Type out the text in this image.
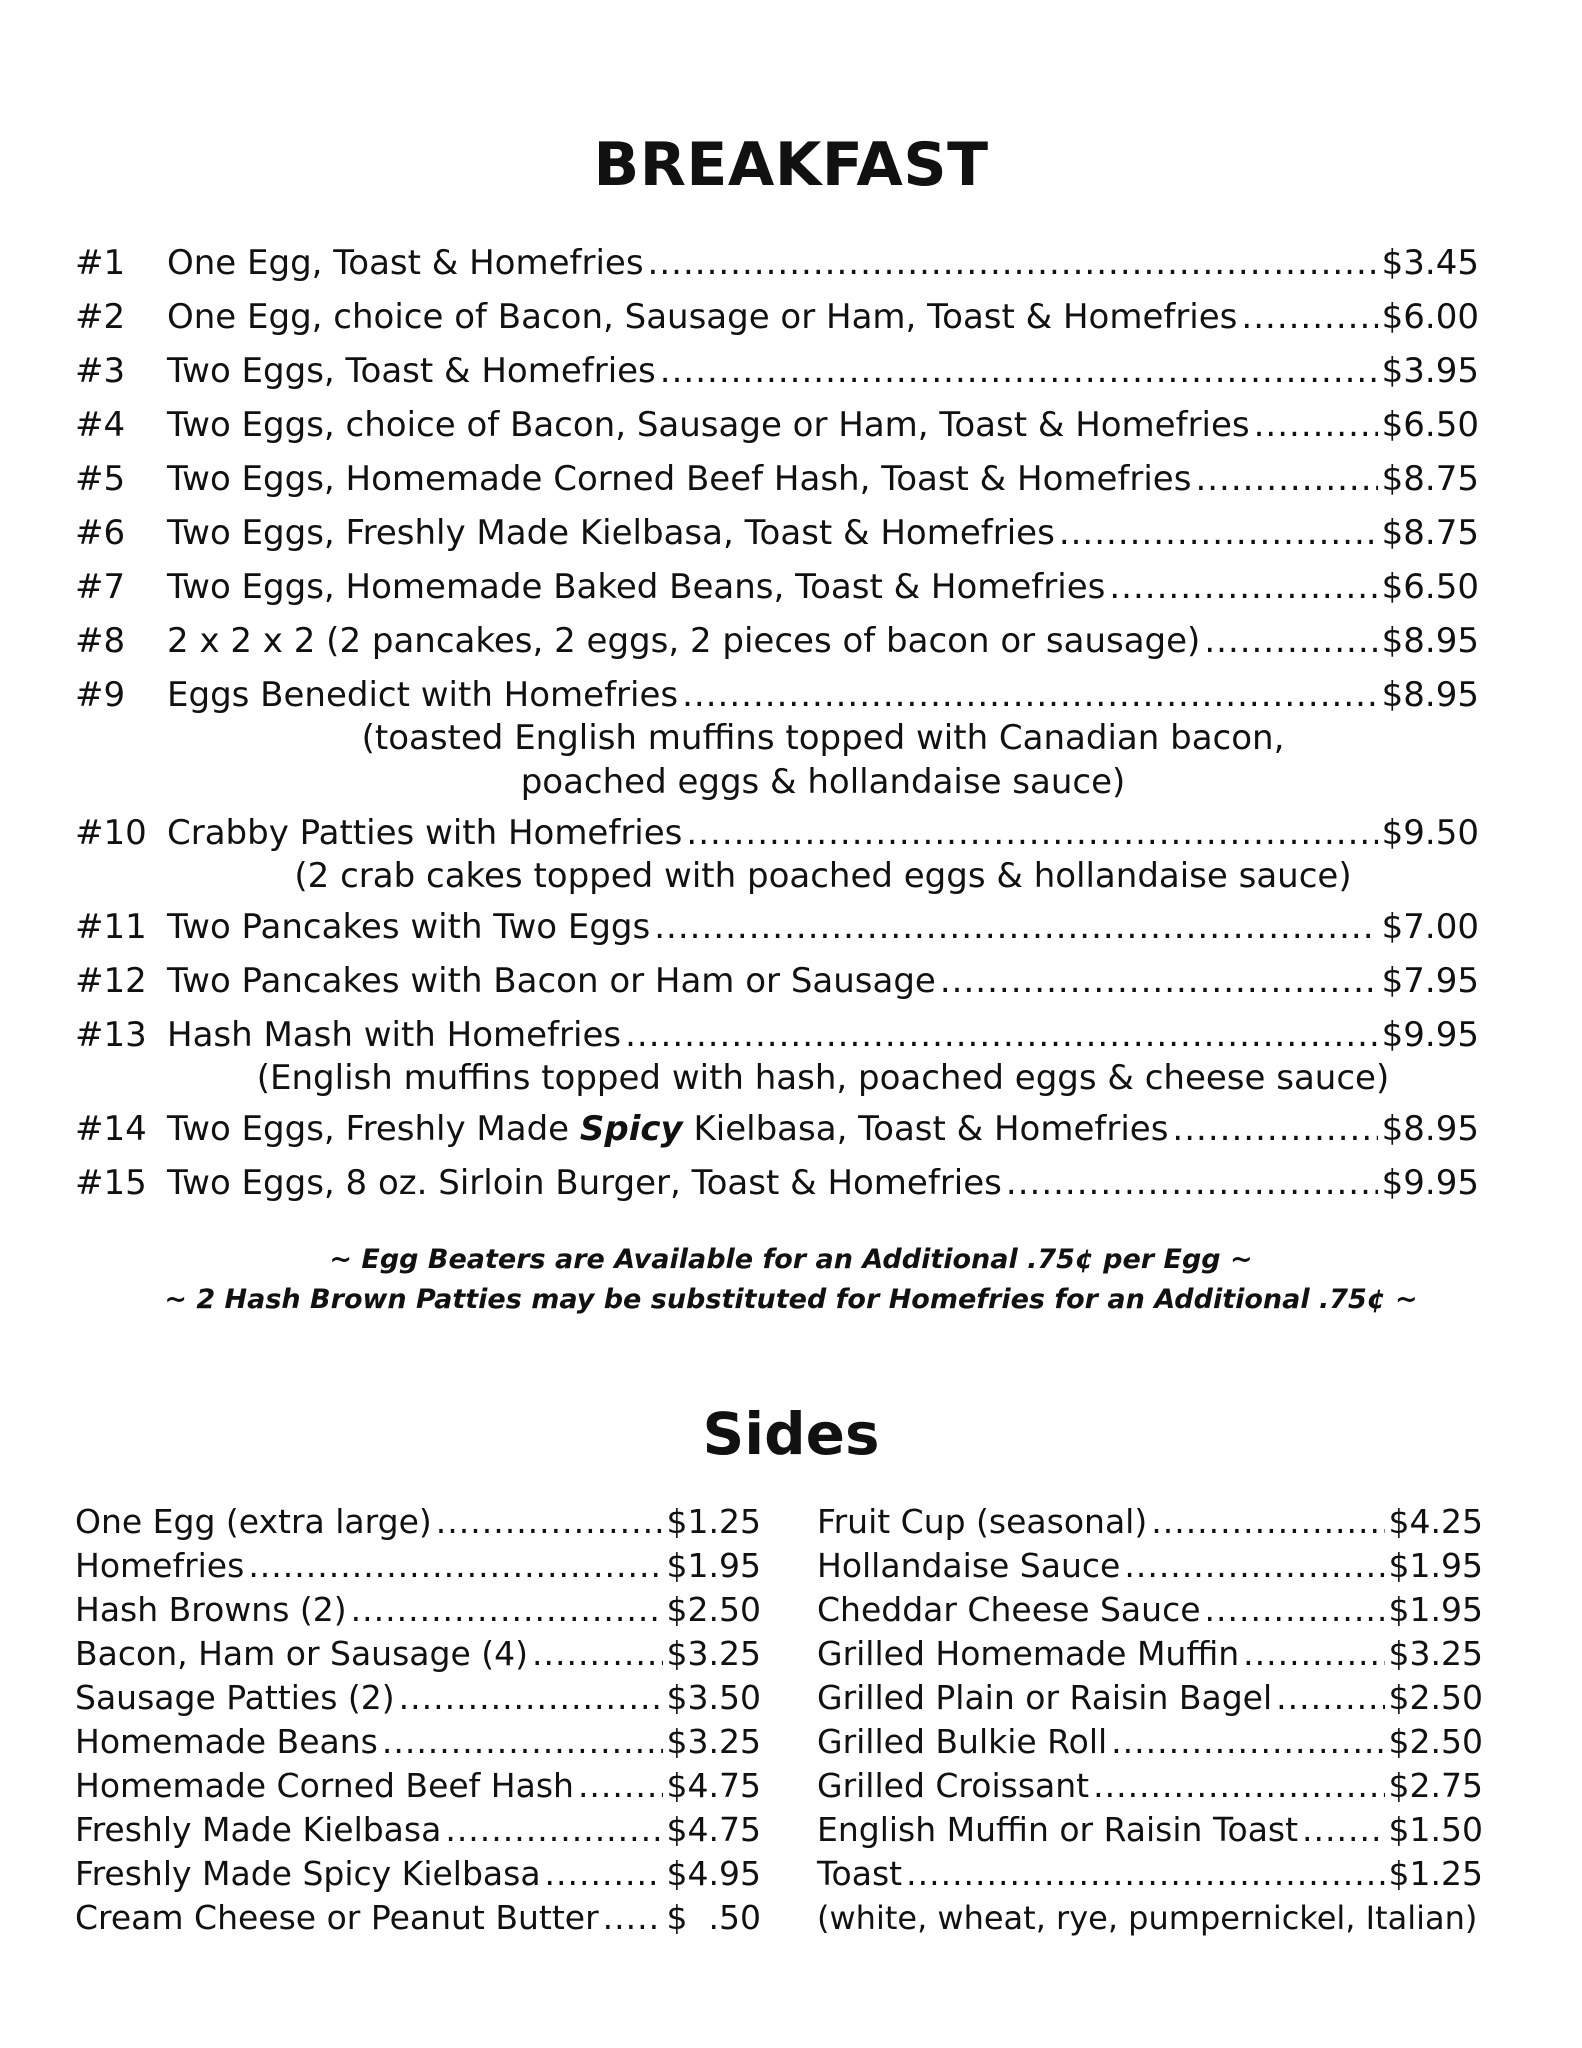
BREAKFAST
#1	One Egg, Toast & Homefries .....	$3.45
#2	One Egg, choice of Bacon, Sausage or Ham, Toast & Homefries .....	$6.00
#3	Two Eggs, Toast & Homefries .....	$3.95
#4	Two Eggs, choice of Bacon, Sausage or Ham, Toast & Homefries .....	$6.50
#5	Two Eggs, Homemade Corned Beef Hash, Toast & Homefries .....	$8.75
#6	Two Eggs, Freshly Made Kielbasa, Toast & Homefries .....	$8.75
#7	Two Eggs, Homemade Baked Beans, Toast & Homefries .....	$6.50
#8	2 x 2 x 2 (2 pancakes, 2 eggs, 2 pieces of bacon or sausage) .....	$8.95
#9	Eggs Benedict with Homefries .....	$8.95
(toasted English muffins topped with Canadian bacon,
poached eggs & hollandaise sauce)
#10 Crabby Patties with Homefries .....	$9.50
(2 crab cakes topped with poached eggs & hollandaise sauce)
#11 Two Pancakes with Two Eggs .....	$7.00
#12 Two Pancakes with Bacon or Ham or Sausage .....	$7.95
#13 Hash Mash with Homefries .....	$9.95
(English muffins topped with hash, poached eggs & cheese sauce)
#14 Two Eggs, Freshly Made Spicy Kielbasa, Toast & Homefries .....	$8.95
#15 Two Eggs, 8 oz. Sirloin Burger, Toast & Homefries .....	$9.95
~ Egg Beaters are Available for an Additional .75¢ per Egg ~
~ 2 Hash Brown Patties may be substituted for Homefries for an Additional .75¢ ~
Sides
One Egg (extra large) .....	$1.25
Homefries .....	$1.95
Hash Browns (2) .....	$2.50
Bacon, Ham or Sausage (4) .....	$3.25
Sausage Patties (2) .....	$3.50
Homemade Beans .....	$3.25
Homemade Corned Beef Hash .....	$4.75
Freshly Made Kielbasa .....	$4.75
Freshly Made Spicy Kielbasa .....	$4.95
Cream Cheese or Peanut Butter ..... $  .50
Fruit Cup (seasonal) .....	$4.25
Hollandaise Sauce .....	$1.95
Cheddar Cheese Sauce .....	$1.95
Grilled Homemade Muffin .....	$3.25
Grilled Plain or Raisin Bagel .....	$2.50
Grilled Bulkie Roll .....	$2.50
Grilled Croissant .....	$2.75
English Muffin or Raisin Toast .....	$1.50
Toast .....	$1.25
(white, wheat, rye, pumpernickel, Italian)
